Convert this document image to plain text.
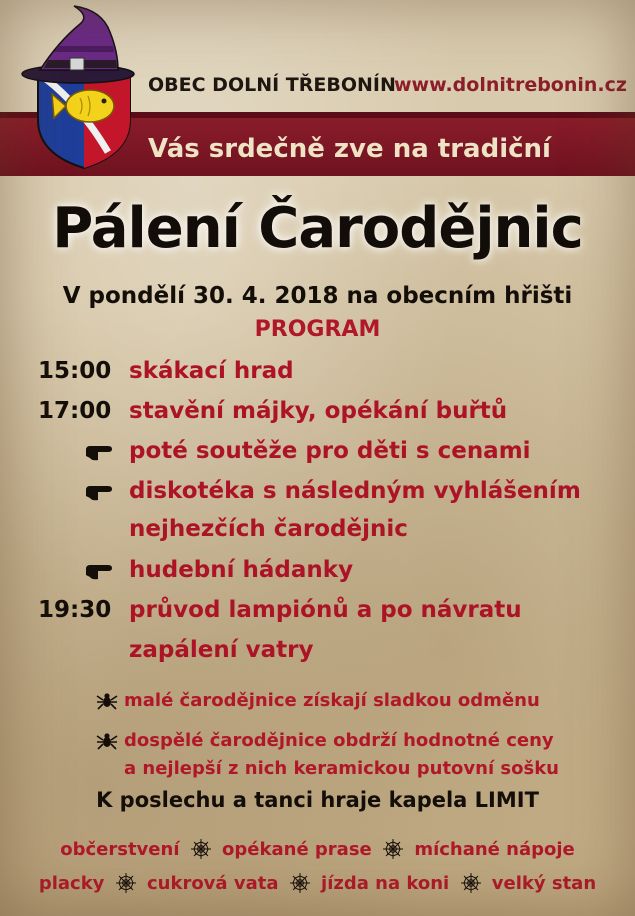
OBEC DOLNÍ TŘEBONÍN
www.dolnitrebonin.cz
Vás srdečně zve na tradiční
Pálení Čarodějnic
V pondělí 30. 4. 2018 na obecním hřišti
PROGRAM
15:00 skákací hrad
17:00 stavění májky, opékání buřtů
poté soutěže pro děti s cenami
diskotéka s následným vyhlášením
nejhezčích čarodějnic
hudební hádanky
19:30 průvod lampiónů a po návratu
zapálení vatry
malé čarodějnice získají sladkou odměnu
dospělé čarodějnice obdrží hodnotné ceny
a nejlepší z nich keramickou putovní sošku
K poslechu a tanci hraje kapela LIMIT
občerstvení opékané prase míchané nápoje
placky cukrová vata jízda na koni velký stan
